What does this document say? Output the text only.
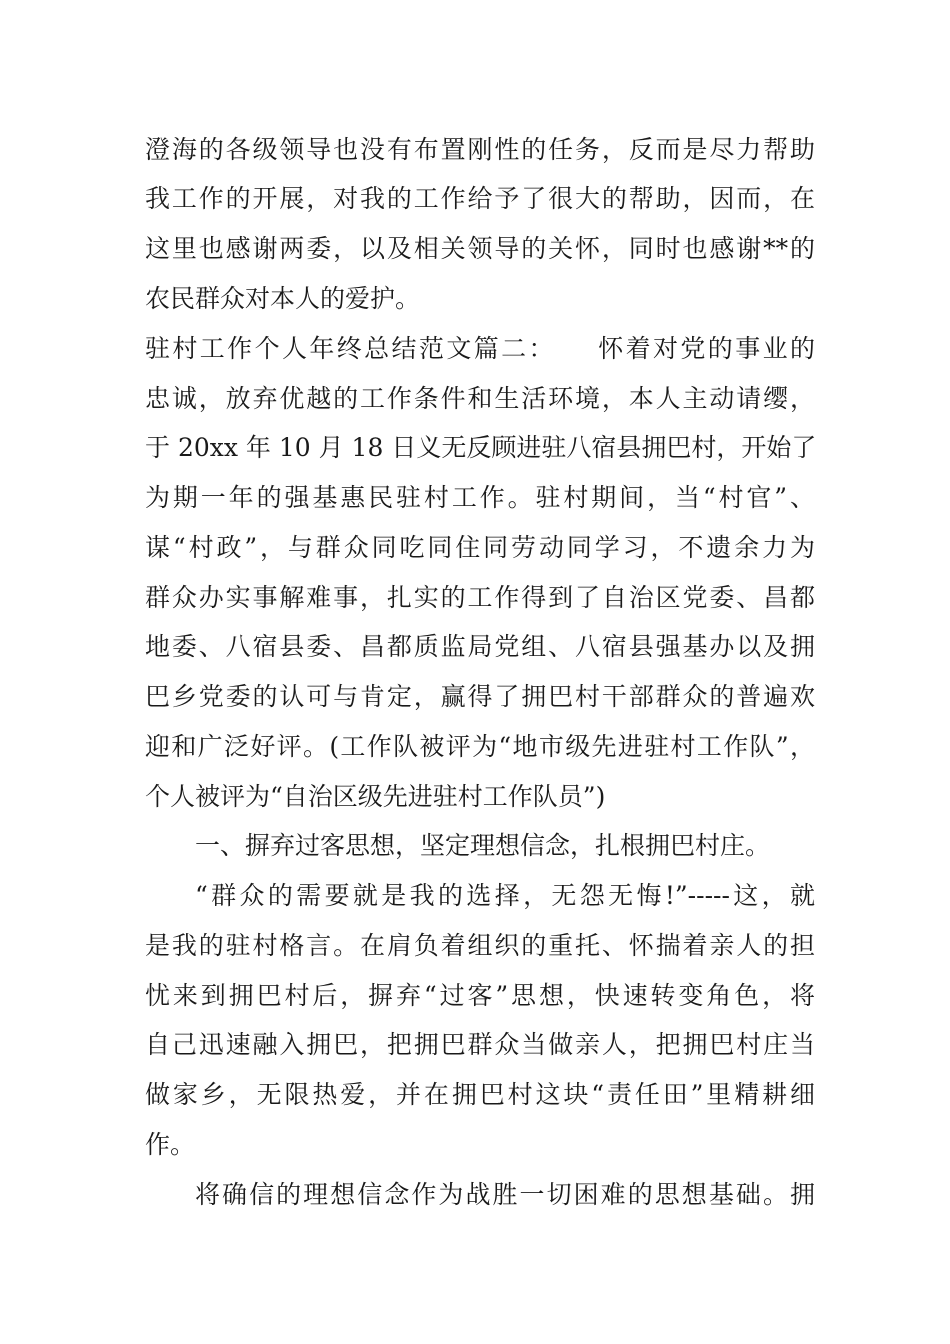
澄海的各级领导也没有布置刚性的任务，反而是尽力帮助
我工作的开展，对我的工作给予了很大的帮助，因而，在
这里也感谢两委，以及相关领导的关怀，同时也感谢**的
农民群众对本人的爱护。
驻村工作个人年终总结范文篇二：　　怀着对党的事业的
忠诚，放弃优越的工作条件和生活环境，本人主动请缨，
于 20xx 年 10 月 18 日义无反顾进驻八宿县拥巴村，开始了
为期一年的强基惠民驻村工作。驻村期间，当“村官”、
谋“村政”，与群众同吃同住同劳动同学习，不遗余力为
群众办实事解难事，扎实的工作得到了自治区党委、昌都
地委、八宿县委、昌都质监局党组、八宿县强基办以及拥
巴乡党委的认可与肯定，赢得了拥巴村干部群众的普遍欢
迎和广泛好评。(工作队被评为“地市级先进驻村工作队”，
个人被评为“自治区级先进驻村工作队员”)
一、摒弃过客思想，坚定理想信念，扎根拥巴村庄。
“群众的需要就是我的选择，无怨无悔!”-----这，就
是我的驻村格言。在肩负着组织的重托、怀揣着亲人的担
忧来到拥巴村后，摒弃“过客”思想，快速转变角色，将
自己迅速融入拥巴，把拥巴群众当做亲人，把拥巴村庄当
做家乡，无限热爱，并在拥巴村这块“责任田”里精耕细
作。
将确信的理想信念作为战胜一切困难的思想基础。拥
